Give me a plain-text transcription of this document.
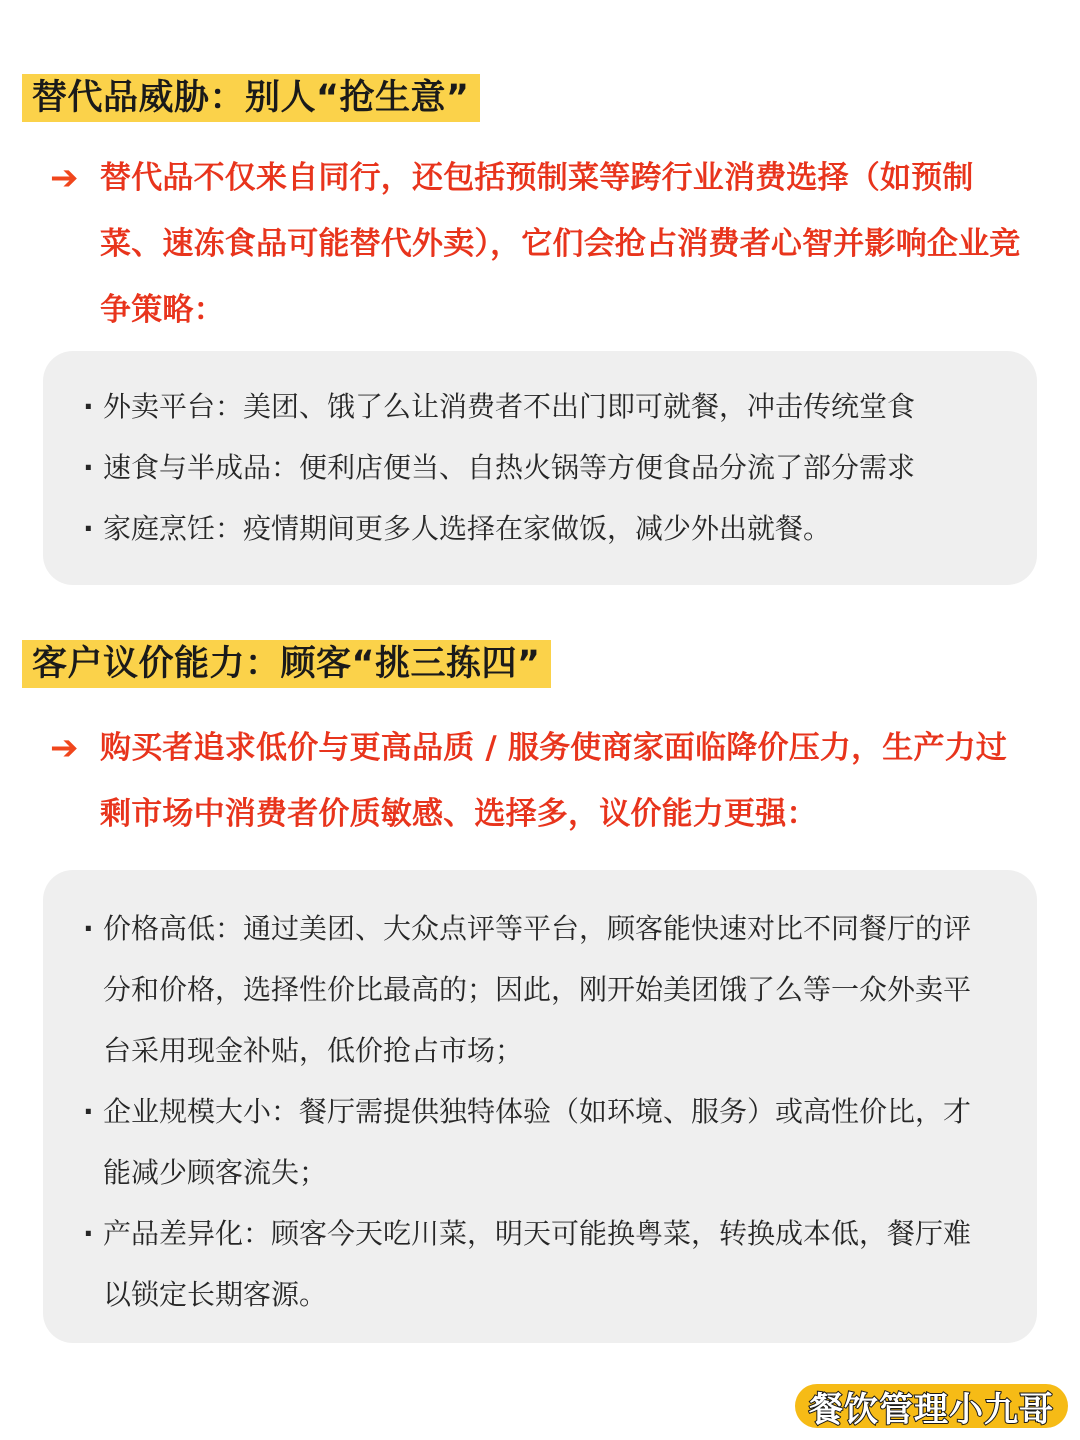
替代品威胁：别人“抢生意”
➔ 替代品不仅来自同行，还包括预制菜等跨行业消费选择（如预制菜、速冻食品可能替代外卖），它们会抢占消费者心智并影响企业竞争策略：
· 外卖平台：美团、饿了么让消费者不出门即可就餐，冲击传统堂食
· 速食与半成品：便利店便当、自热火锅等方便食品分流了部分需求
· 家庭烹饪：疫情期间更多人选择在家做饭，减少外出就餐。
客户议价能力：顾客“挑三拣四”
➔ 购买者追求低价与更高品质 / 服务使商家面临降价压力，生产力过剩市场中消费者价质敏感、选择多，议价能力更强：
· 价格高低：通过美团、大众点评等平台，顾客能快速对比不同餐厅的评分和价格，选择性价比最高的；因此，刚开始美团饿了么等一众外卖平台采用现金补贴，低价抢占市场；
· 企业规模大小：餐厅需提供独特体验（如环境、服务）或高性价比，才能减少顾客流失；
· 产品差异化：顾客今天吃川菜，明天可能换粤菜，转换成本低，餐厅难以锁定长期客源。
餐饮管理小九哥
